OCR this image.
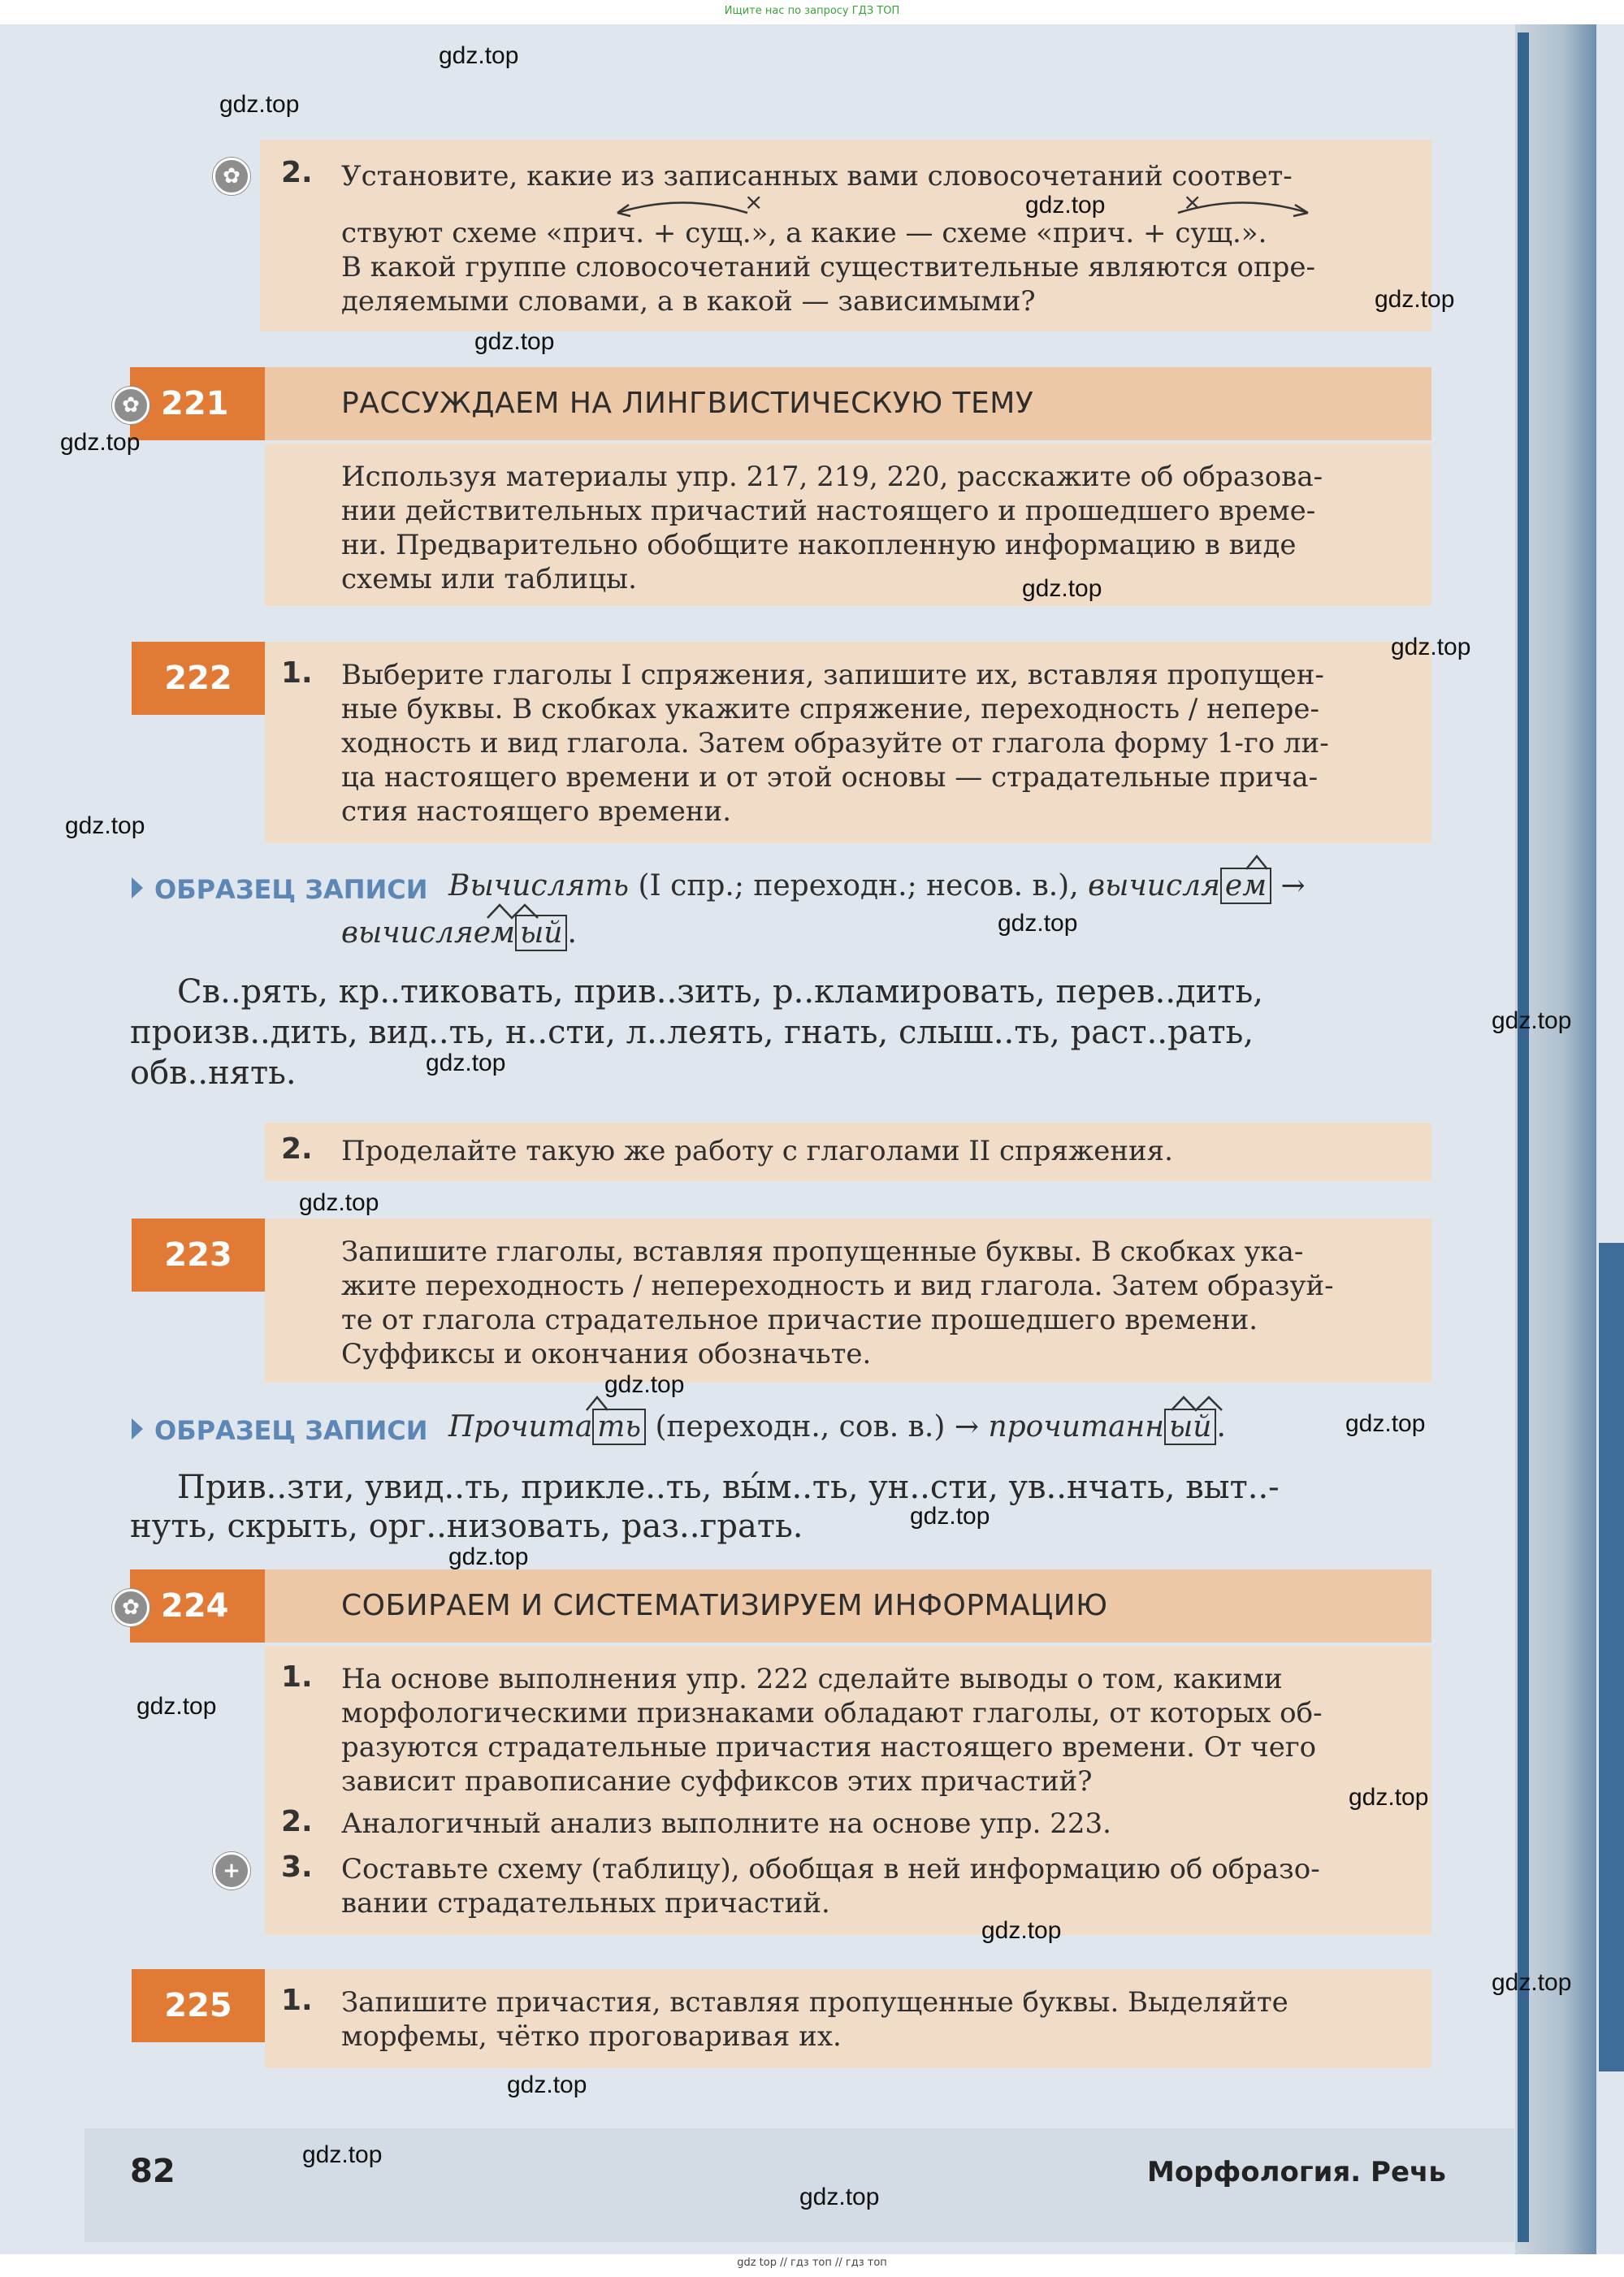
Ищите нас по запросу ГДЗ ТОП
✿	2. Установите, какие из записанных вами словосочетаний соответ-
×	×
ствуют схеме «прич. + сущ.», а какие — схеме «прич. + сущ.».
В какой группе словосочетаний существительные являются опре-
деляемыми словами, а в какой — зависимыми?
221
✿	РАССУЖДАЕМ НА ЛИНГВИСТИЧЕСКУЮ ТЕМУ
Используя материалы упр. 217, 219, 220, расскажите об образова-
нии действительных причастий настоящего и прошедшего време-
ни. Предварительно обобщите накопленную информацию в виде
схемы или таблицы.
222	1. Выберите глаголы I спряжения, запишите их, вставляя пропущен-
ные буквы. В скобках укажите спряжение, переходность / непере-
ходность и вид глагола. Затем образуйте от глагола форму 1-го ли-
ца настоящего времени и от этой основы — страдательные прича-
стия настоящего времени.
ОБРАЗЕЦ ЗАПИСИ Вычислять (I спр.; переходн.; несов. в.), вычисля ем →
вычисляем ый .
Св..рять, кр..тиковать, прив..зить, р..кламировать, перев..дить,
произв..дить, вид..ть, н..сти, л..леять, гнать, слыш..ть, раст..рать,
обв..нять.
2. Проделайте такую же работу с глаголами II спряжения.
223	Запишите глаголы, вставляя пропущенные буквы. В скобках ука-
жите переходность / непереходность и вид глагола. Затем образуй-
те от глагола страдательное причастие прошедшего времени.
Суффиксы и окончания обозначьте.
ОБРАЗЕЦ ЗАПИСИ Прочита ть (переходн., сов. в.) → прочитанн ый .
Прив..зти, увид..ть, прикле..ть, вы́м..ть, ун..сти, ув..нчать, выт..-
нуть, скрыть, орг..низовать, раз..грать.
224
✿	СОБИРАЕМ И СИСТЕМАТИЗИРУЕМ ИНФОРМАЦИЮ
1. На основе выполнения упр. 222 сделайте выводы о том, какими
морфологическими признаками обладают глаголы, от которых об-
разуются страдательные причастия настоящего времени. От чего
зависит правописание суффиксов этих причастий?
2. Аналогичный анализ выполните на основе упр. 223.
+	3. Составьте схему (таблицу), обобщая в ней информацию об образо-
вании страдательных причастий.
225	1. Запишите причастия, вставляя пропущенные буквы. Выделяйте
морфемы, чётко проговаривая их.
82	Морфология. Речь
gdz.top
gdz.top
gdz.top
gdz.top
gdz.top
gdz.top
gdz.top
gdz.top
gdz.top
gdz.top
gdz.top
gdz.top
gdz.top
gdz.top
gdz.top
gdz.top
gdz.top
gdz.top
gdz.top
gdz.top
gdz.top
gdz.top
gdz.top
gdz.top
gdz top // гдз топ // гдз топ
